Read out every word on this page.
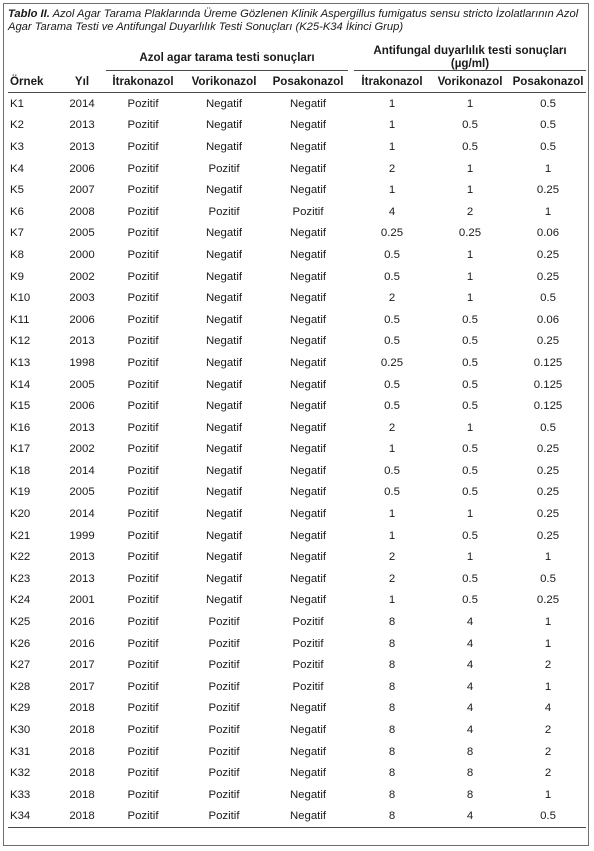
Tablo II. Azol Agar Tarama Plaklarında Üreme Gözlenen Klinik Aspergillus fumigatus sensu stricto İzolatlarının Azol Agar Tarama Testi ve Antifungal Duyarlılık Testi Sonuçları (K25-K34 İkinci Grup)
		Azol agar tarama testi sonuçları				Antifungal duyarlılık testi sonuçları (µg/ml)		
Örnek	Yıl	İtrakonazol	Vorikonazol	Posakonazol		İtrakonazol	Vorikonazol	Posakonazol
K1	2014	Pozitif	Negatif	Negatif		1	1	0.5
K2	2013	Pozitif	Negatif	Negatif		1	0.5	0.5
K3	2013	Pozitif	Negatif	Negatif		1	0.5	0.5
K4	2006	Pozitif	Pozitif	Negatif		2	1	1
K5	2007	Pozitif	Negatif	Negatif		1	1	0.25
K6	2008	Pozitif	Pozitif	Pozitif		4	2	1
K7	2005	Pozitif	Negatif	Negatif		0.25	0.25	0.06
K8	2000	Pozitif	Negatif	Negatif		0.5	1	0.25
K9	2002	Pozitif	Negatif	Negatif		0.5	1	0.25
K10	2003	Pozitif	Negatif	Negatif		2	1	0.5
K11	2006	Pozitif	Negatif	Negatif		0.5	0.5	0.06
K12	2013	Pozitif	Negatif	Negatif		0.5	0.5	0.25
K13	1998	Pozitif	Negatif	Negatif		0.25	0.5	0.125
K14	2005	Pozitif	Negatif	Negatif		0.5	0.5	0.125
K15	2006	Pozitif	Negatif	Negatif		0.5	0.5	0.125
K16	2013	Pozitif	Negatif	Negatif		2	1	0.5
K17	2002	Pozitif	Negatif	Negatif		1	0.5	0.25
K18	2014	Pozitif	Negatif	Negatif		0.5	0.5	0.25
K19	2005	Pozitif	Negatif	Negatif		0.5	0.5	0.25
K20	2014	Pozitif	Negatif	Negatif		1	1	0.25
K21	1999	Pozitif	Negatif	Negatif		1	0.5	0.25
K22	2013	Pozitif	Negatif	Negatif		2	1	1
K23	2013	Pozitif	Negatif	Negatif		2	0.5	0.5
K24	2001	Pozitif	Negatif	Negatif		1	0.5	0.25
K25	2016	Pozitif	Pozitif	Pozitif		8	4	1
K26	2016	Pozitif	Pozitif	Pozitif		8	4	1
K27	2017	Pozitif	Pozitif	Pozitif		8	4	2
K28	2017	Pozitif	Pozitif	Pozitif		8	4	1
K29	2018	Pozitif	Pozitif	Negatif		8	4	4
K30	2018	Pozitif	Pozitif	Negatif		8	4	2
K31	2018	Pozitif	Pozitif	Negatif		8	8	2
K32	2018	Pozitif	Pozitif	Negatif		8	8	2
K33	2018	Pozitif	Pozitif	Negatif		8	8	1
K34	2018	Pozitif	Pozitif	Negatif		8	4	0.5
